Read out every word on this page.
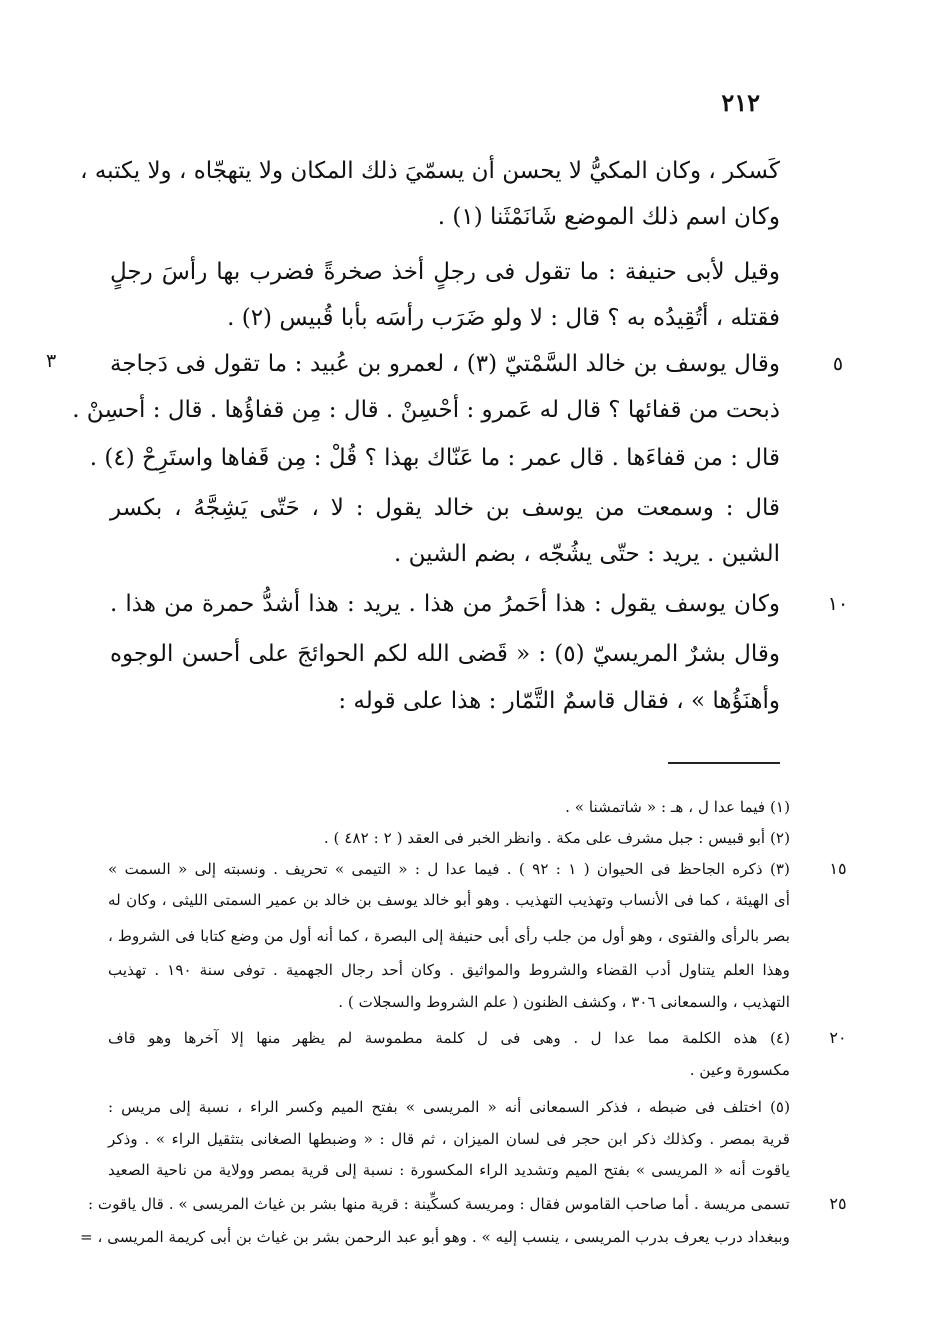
٢١٢
٣
كَسكر ، وكان المكيُّ لا يحسن أن يسمّيَ ذلك المكان ولا يتهجّاه ، ولا يكتبه ،
وكان اسم ذلك الموضع شَانَمْثَنا (١) .
وقيل لأبى حنيفة : ما تقول فى رجلٍ أخذ صخرةً فضرب بها رأسَ رجلٍ
فقتله ، أتُقِيدُه به ؟ قال : لا ولو ضَرَب رأسَه بأبا قُبيس (٢) .
وقال يوسف بن خالد السَّمْتيّ (٣) ، لعمرو بن عُبيد : ما تقول فى دَجاجة
ذبحت من قفائها ؟ قال له عَمرو : أحْسِنْ . قال : مِن قفاؤُها . قال : أحسِنْ .
قال : من قفاءَها . قال عمر : ما عَنّاك بهذا ؟ قُلْ : مِن قَفاها واستَرِحْ (٤) .
قال : وسمعت من يوسف بن خالد يقول : لا ، حَتّى يَشِجَّهُ ، بكسر
الشين . يريد : حتّى يشُجّه ، بضم الشين .
وكان يوسف يقول : هذا أحَمرُ من هذا . يريد : هذا أشدُّ حمرة من هذا .
وقال بشرٌ المريسيّ (٥) : « قَضى الله لكم الحوائجَ على أحسن الوجوه
وأهنَؤُها » ، فقال قاسمٌ التَّمّار : هذا على قوله :
٥
١٠
(١) فيما عدا ل ، هـ : « شاتمشنا » .
(٢) أبو قبيس : جبل مشرف على مكة . وانظر الخبر فى العقد ( ٢ : ٤٨٢ ) .
(٣) ذكره الجاحظ فى الحيوان ( ١ : ٩٢ ) . فيما عدا ل : « التيمى » تحريف . ونسبته إلى « السمت »
أى الهيئة ، كما فى الأنساب وتهذيب التهذيب . وهو أبو خالد يوسف بن خالد بن عمير السمتى الليثى ، وكان له
بصر بالرأى والفتوى ، وهو أول من جلب رأى أبى حنيفة إلى البصرة ، كما أنه أول من وضع كتابا فى الشروط ،
وهذا العلم يتناول أدب القضاء والشروط والمواثيق . وكان أحد رجال الجهمية . توفى سنة ١٩٠ . تهذيب
التهذيب ، والسمعانى ٣٠٦ ، وكشف الظنون ( علم الشروط والسجلات ) .
(٤) هذه الكلمة مما عدا ل . وهى فى ل كلمة مطموسة لم يظهر منها إلا آخرها وهو قاف
مكسورة وعين .
(٥) اختلف فى ضبطه ، فذكر السمعانى أنه « المريسى » بفتح الميم وكسر الراء ، نسبة إلى مريس :
قرية بمصر . وكذلك ذكر ابن حجر فى لسان الميزان ، ثم قال : « وضبطها الصغانى بتثقيل الراء » . وذكر
ياقوت أنه « المريسى » بفتح الميم وتشديد الراء المكسورة : نسبة إلى قرية بمصر وولاية من ناحية الصعيد
تسمى مريسة . أما صاحب القاموس فقال : ومريسة كسكِّينة : قرية منها بشر بن غياث المريسى » . قال ياقوت :
وببغداد درب يعرف بدرب المريسى ، ينسب إليه » . وهو أبو عبد الرحمن بشر بن غياث بن أبى كريمة المريسى ، =
١٥
٢٠
٢٥
